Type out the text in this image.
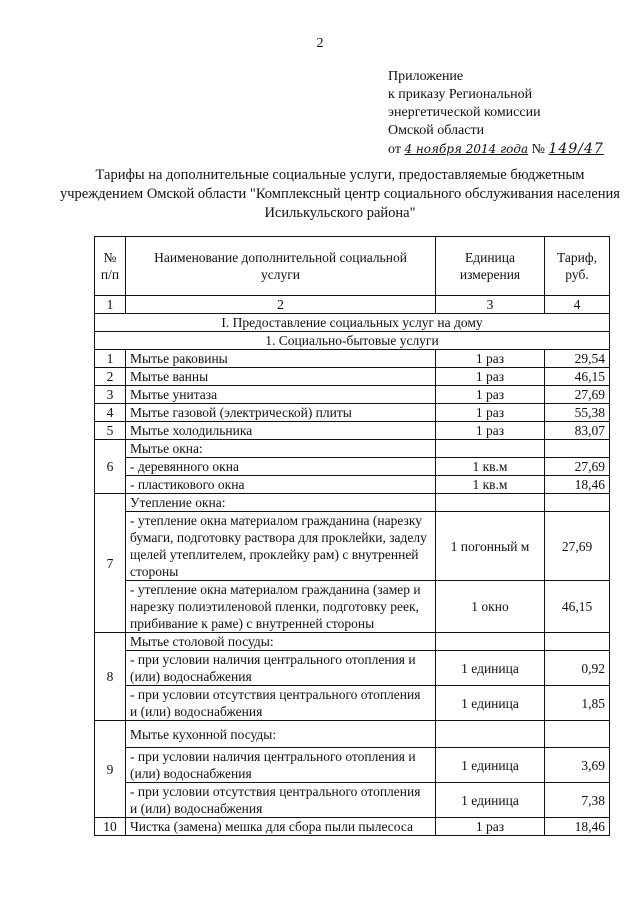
2
Приложение
к приказу Региональной
энергетической комиссии
Омской области
от 4 ноября 2014 года № 149/47
Тарифы на дополнительные социальные услуги, предоставляемые бюджетным учреждением Омской области "Комплексный центр социального обслуживания населения Исилькульского района"
№ п/п	Наименование дополнительной социальной услуги	Единица измерения	Тариф, руб.
1	2	3	4
I. Предоставление социальных услуг на дому			
1. Социально-бытовые услуги			
1	Мытье раковины	1 раз	29,54
2	Мытье ванны	1 раз	46,15
3	Мытье унитаза	1 раз	27,69
4	Мытье газовой (электрической) плиты	1 раз	55,38
5	Мытье холодильника	1 раз	83,07
6	Мытье окна:		
	- деревянного окна	1 кв.м	27,69
	- пластикового окна	1 кв.м	18,46
7	Утепление окна:		
	- утепление окна материалом гражданина (нарезку бумаги, подготовку раствора для проклейки, заделу щелей утеплителем, проклейку рам) с внутренней стороны	1 погонный м	27,69
	- утепление окна материалом гражданина (замер и нарезку полиэтиленовой пленки, подготовку реек, прибивание к раме) с внутренней стороны	1 окно	46,15
8	Мытье столовой посуды:		
	- при условии наличия центрального отопления и (или) водоснабжения	1 единица	0,92
	- при условии отсутствия центрального отопления и (или) водоснабжения	1 единица	1,85
9	Мытье кухонной посуды:		
	- при условии наличия центрального отопления и (или) водоснабжения	1 единица	3,69
	- при условии отсутствия центрального отопления и (или) водоснабжения	1 единица	7,38
10	Чистка (замена) мешка для сбора пыли пылесоса	1 раз	18,46
